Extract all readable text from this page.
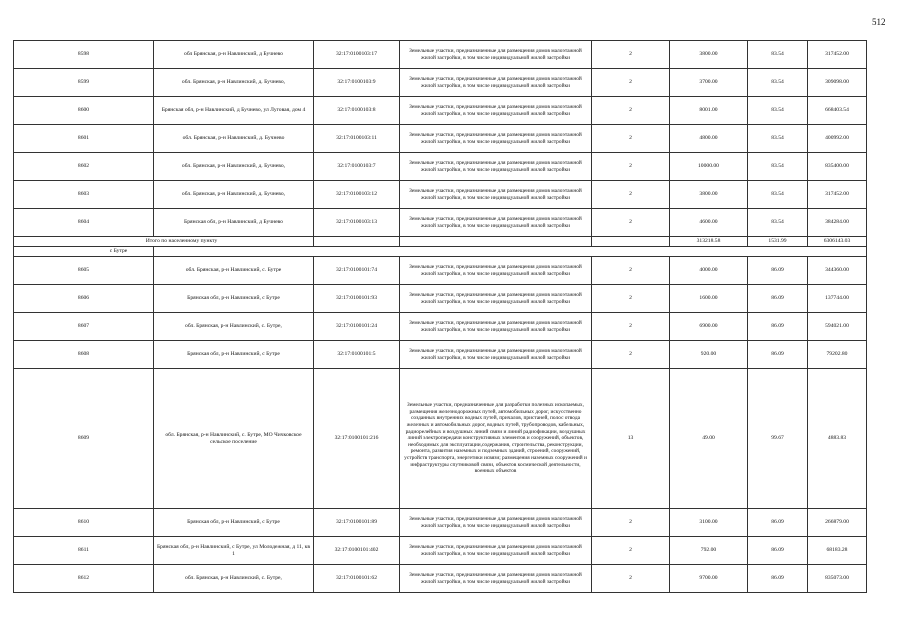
512
8598	обл Брянская, р-н Навлинский, д Бучнево	32:17:0100103:17	Земельные участки, предназначенные для размещения домов малоэтажной жилой застройки, в том числе индивидуальной жилой застройки	2	3800.00	83.54	317452.00
8599	обл. Брянская, р-н Навлинский, д. Бучнево,	32:17:0100103:9	Земельные участки, предназначенные для размещения домов малоэтажной жилой застройки, в том числе индивидуальной жилой застройки	2	3700.00	83.54	309098.00
8600	Брянская обл, р-н Навлинский, д Бучнево, ул Луговая, дом 4	32:17:0100103:8	Земельные участки, предназначенные для размещения домов малоэтажной жилой застройки, в том числе индивидуальной жилой застройки	2	8001.00	83.54	668403.54
8601	обл. Брянская, р-н Навлинский, д. Бучнево	32:17:0100103:11	Земельные участки, предназначенные для размещения домов малоэтажной жилой застройки, в том числе индивидуальной жилой застройки	2	4800.00	83.54	400992.00
8602	обл. Брянская, р-н Навлинский, д. Бучнево,	32:17:0100103:7	Земельные участки, предназначенные для размещения домов малоэтажной жилой застройки, в том числе индивидуальной жилой застройки	2	10000.00	83.54	835400.00
8603	обл. Брянская, р-н Навлинский, д. Бучнево,	32:17:0100103:12	Земельные участки, предназначенные для размещения домов малоэтажной жилой застройки, в том числе индивидуальной жилой застройки	2	3800.00	83.54	317452.00
8604	Брянская обл, р-н Навлинский, д Бучнево	32:17:0100103:13	Земельные участки, предназначенные для размещения домов малоэтажной жилой застройки, в том числе индивидуальной жилой застройки	2	4600.00	83.54	384284.00
Итого по населенному пункту					313218.58	1531.99	6306143.03
с Бутре							
8605	обл. Брянская, р-н Навлинский, с. Бутре	32:17:0100101:74	Земельные участки, предназначенные для размещения домов малоэтажной жилой застройки, в том числе индивидуальной жилой застройки	2	4000.00	86.09	344360.00
8606	Брянская обл, р-н Навлинский, с Бутре	32:17:0100101:93	Земельные участки, предназначенные для размещения домов малоэтажной жилой застройки, в том числе индивидуальной жилой застройки	2	1600.00	86.09	137744.00
8607	обл. Брянская, р-н Навлинский, с. Бутре,	32:17:0100101:24	Земельные участки, предназначенные для размещения домов малоэтажной жилой застройки, в том числе индивидуальной жилой застройки	2	6900.00	86.09	594021.00
8608	Брянская обл, р-н Навлинский, с Бутре	32:17:0100101:5	Земельные участки, предназначенные для размещения домов малоэтажной жилой застройки, в том числе индивидуальной жилой застройки	2	920.00	86.09	79202.80
8609	обл. Брянская, р-н Навлинский, с. Бутре, МО Чичковское сельское поселение	32:17:0100101:216	Земельные участки, предназначенные для разработки полезных ископаемых, размещения железнодорожных путей, автомобильных дорог, искусственно созданных внутренних водных путей, причалов, пристаней, полос отвода железных и автомобильных дорог, водных путей, трубопроводов, кабельных, радиорелейных и воздушных линий связи и линий радиофикации, воздушных линий электропередачи конструктивных элементов и сооружений, объектов, необходимых для эксплуатации,содержания, строительства, реконструкции, ремонта, развития наземных и подземных зданий, строений, сооружений, устройств транспорта, энергетики исвязи; размещения наземных сооружений и инфраструктуры спутниковой связи, объектов космической деятельности, военных объектов	13	49.00	99.67	4883.83
8610	Брянская обл, р-н Навлинский, с Бутре	32:17:0100101:89	Земельные участки, предназначенные для размещения домов малоэтажной жилой застройки, в том числе индивидуальной жилой застройки	2	3100.00	86.09	266879.00
8611	Брянская обл, р-н Навлинский, с Бутре, ул Молодежная, д 11, кв 1	32:17:0100101:402	Земельные участки, предназначенные для размещения домов малоэтажной жилой застройки, в том числе индивидуальной жилой застройки	2	792.00	86.09	68183.28
8612	обл. Брянская, р-н Навлинский, с. Бутре,	32:17:0100101:62	Земельные участки, предназначенные для размещения домов малоэтажной жилой застройки, в том числе индивидуальной жилой застройки	2	9700.00	86.09	835073.00
